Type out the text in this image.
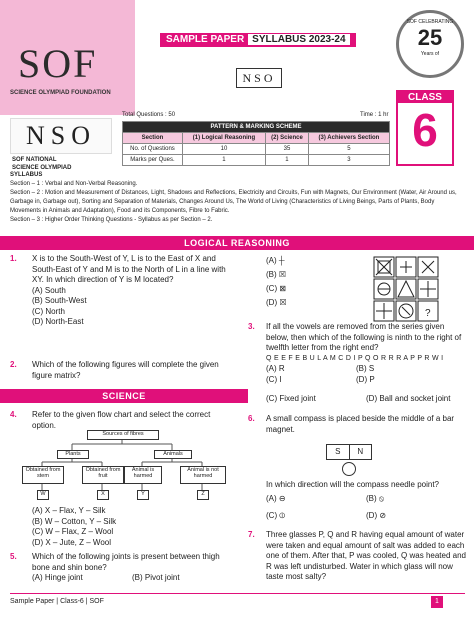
SOF
SCIENCE OLYMPIAD FOUNDATION
SAMPLE PAPER SYLLABUS 2023-24
NSO
SOF CELEBRATING
25
Years of
CLASS
6
NSO
SOF NATIONAL
SCIENCE OLYMPIAD
Total Questions : 50	Time : 1 hr
PATTERN & MARKING SCHEME			
Section	(1) Logical Reasoning	(2) Science	(3) Achievers Section
No. of Questions	10	35	5
Marks per Ques.	1	1	3
SYLLABUS
Section – 1 : Verbal and Non-Verbal Reasoning.
Section – 2 : Motion and Measurement of Distances, Light, Shadows and Reflections, Electricity and Circuits, Fun with Magnets, Our Environment (Water, Air Around us, Garbage in, Garbage out), Sorting and Separation of Materials, Changes Around Us, The World of Living (Characteristics of Living Beings, Parts of Plants, Body Movements in Animals and Adaptation), Food and its Components, Fibre to Fabric.
Section – 3 : Higher Order Thinking Questions - Syllabus as per Section – 2.
LOGICAL REASONING
1. X is to the South-West of Y, L is to the East of X and South-East of Y and M is to the North of L in a line with XY. In which direction of Y is M located?
(A) South
(B) South-West
(C) North
(D) North-East
2. Which of the following figures will complete the given figure matrix?
(A) ┼
(B) ☒
(C) ⊠
(D) ☒
?
3. If all the vowels are removed from the series given below, then which of the following is ninth to the right of twelfth letter from the right end?
Q E E F E B U L A M C D I P Q O R R R A P P R W I
(A) R	(B) S
(C) I	(D) P
SCIENCE
4. Refer to the given flow chart and select the correct option.
Sources of fibres
Plants	Animals
Obtained from stem
Obtained from fruit
Animal is harmed
Animal is not harmed
W	X	Y	Z
(A) X – Flax, Y – Silk
(B) W – Cotton, Y – Silk
(C) W – Flax, Z – Wool
(D) X – Jute, Z – Wool
5. Which of the following joints is present between thigh bone and shin bone?
(A) Hinge joint	(B) Pivot joint
(C) Fixed joint	(D) Ball and socket joint
6. A small compass is placed beside the middle of a bar magnet.
S	N
In which direction will the compass needle point?
(A) ⊖	(B) ⦸
(C) ⦶	(D) ⊘
7. Three glasses P, Q and R having equal amount of water were taken and equal amount of salt was added to each one of them. After that, P was cooled, Q was heated and R was left undisturbed. Water in which glass will now taste most salty?
Sample Paper | Class-6 | SOF	1
